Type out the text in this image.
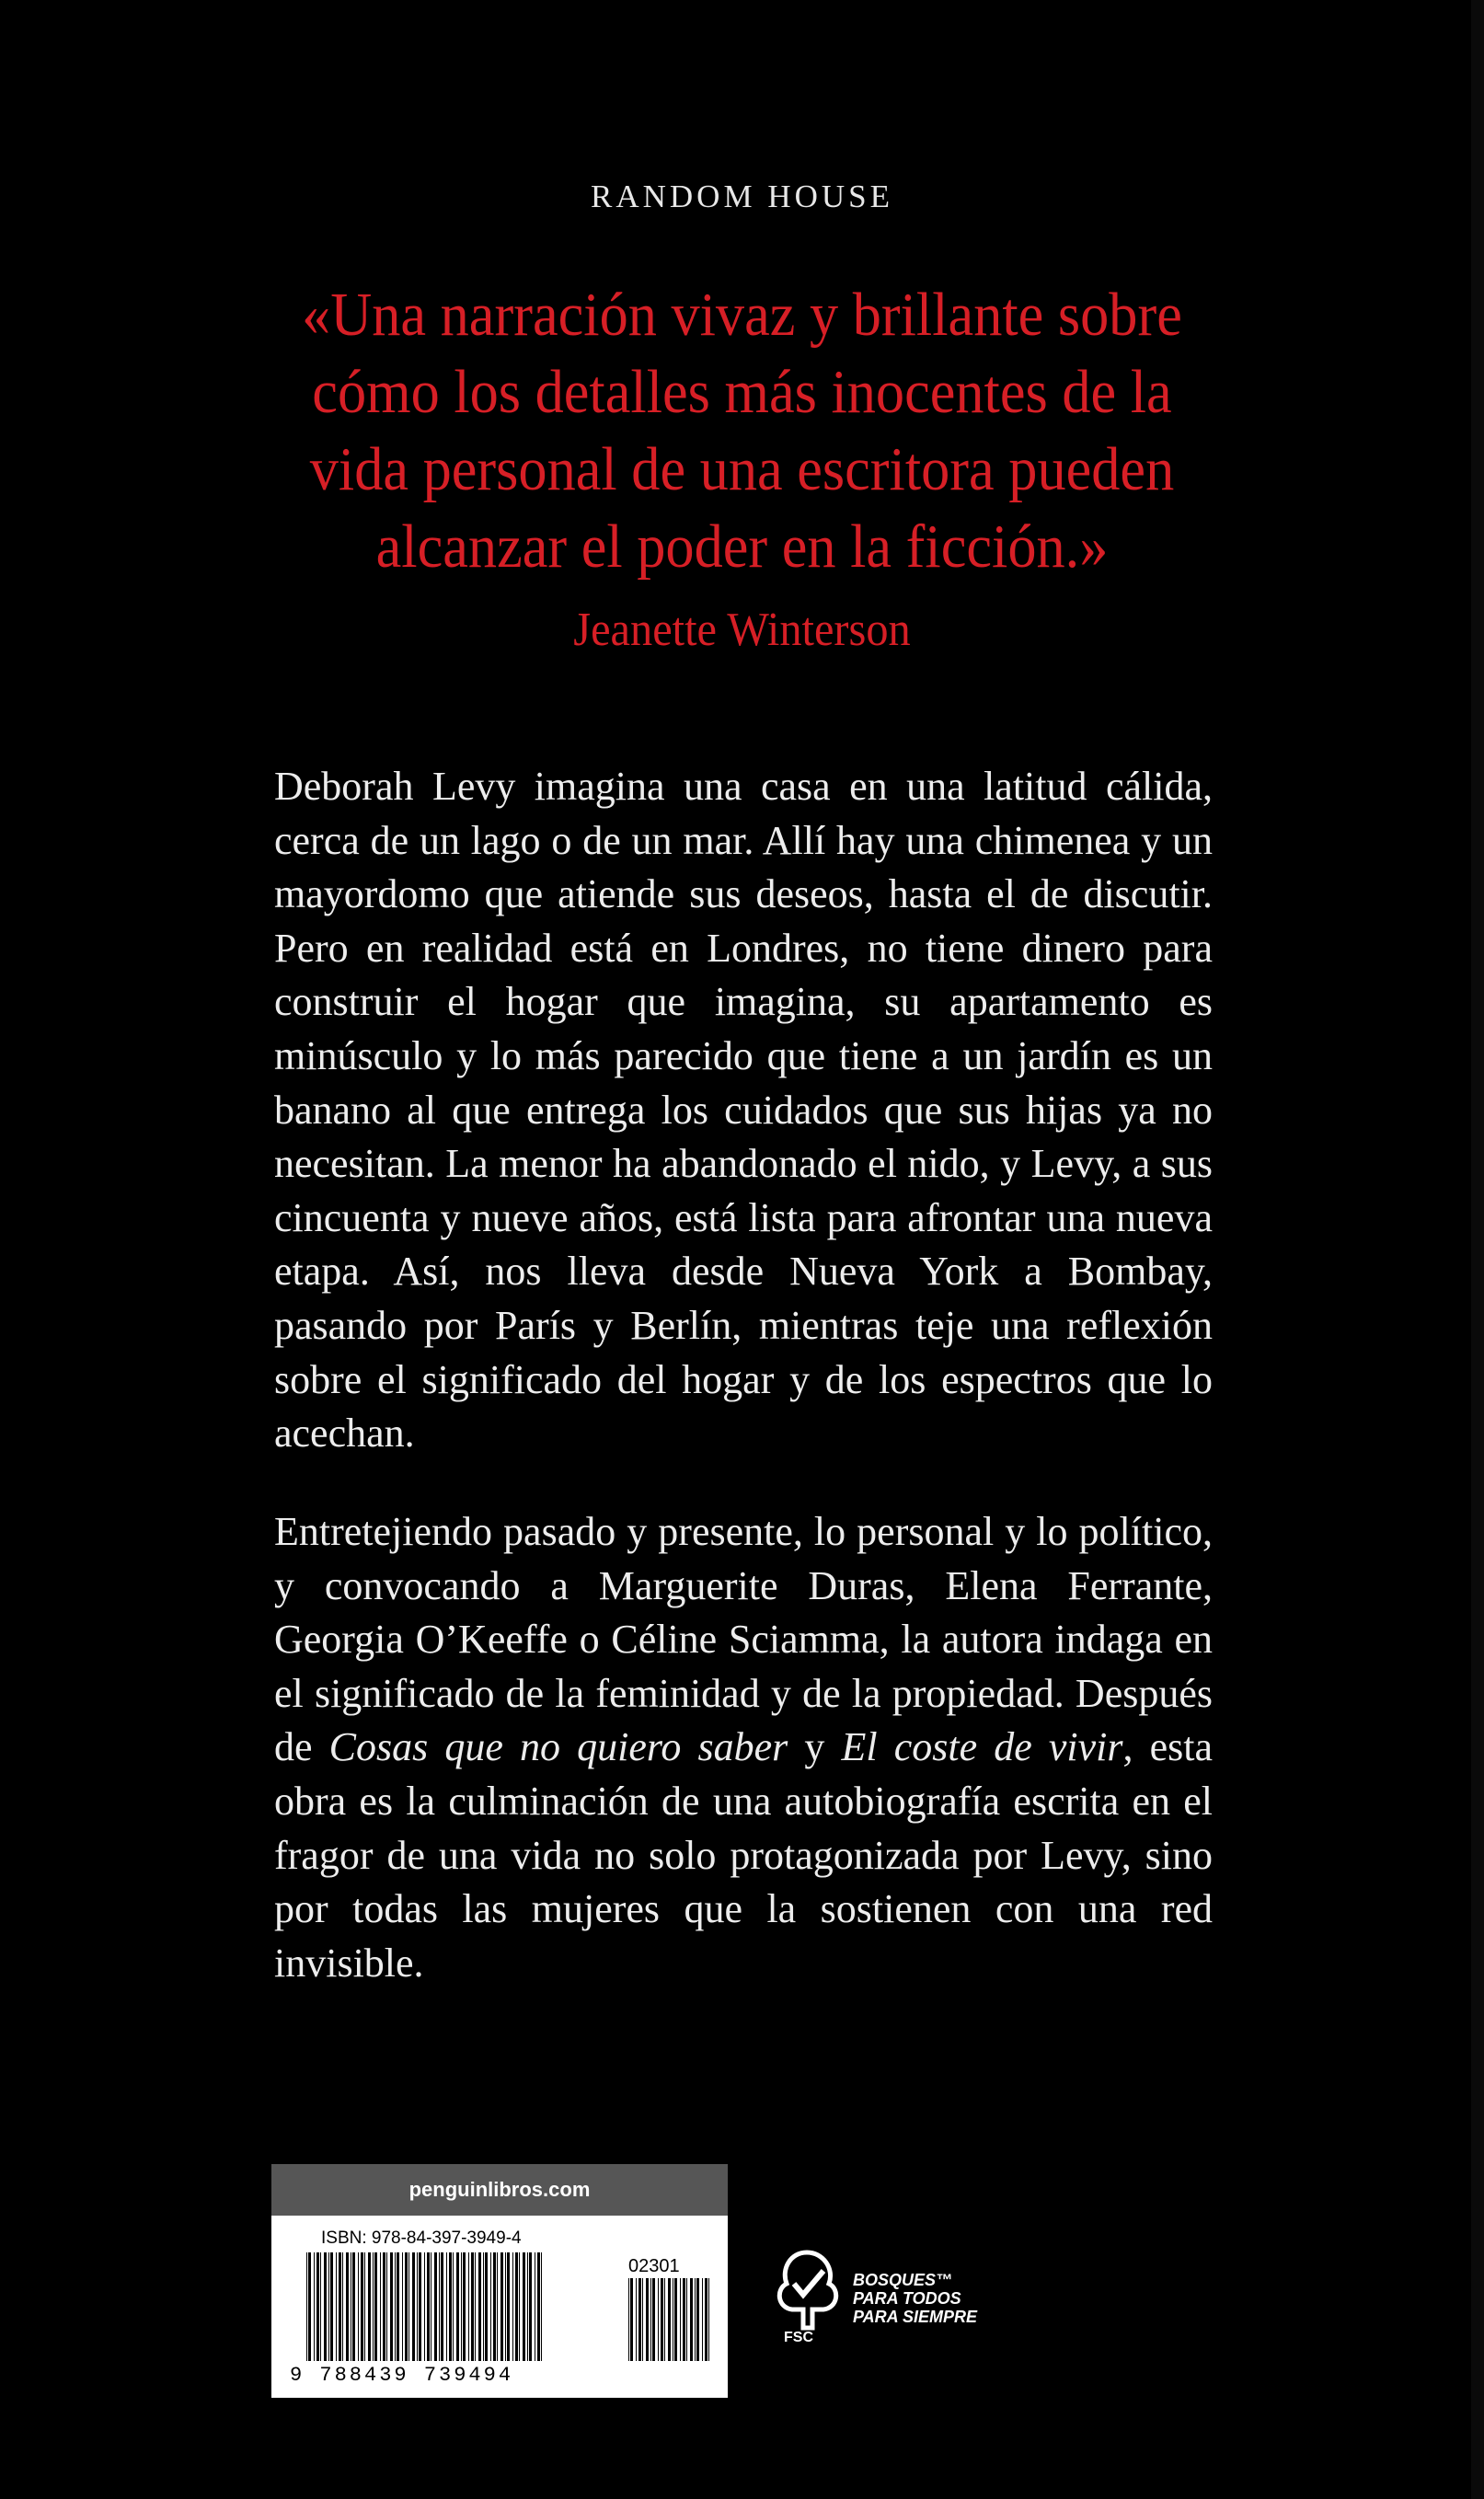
RANDOM HOUSE
«Una narración vivaz y brillante sobre cómo los detalles más inocentes de la vida personal de una escritora pueden alcanzar el poder en la ficción.»
Jeanette Winterson

Deborah Levy imagina una casa en una latitud cálida, cerca de un lago o de un mar. Allí hay una chimenea y un mayordomo que atiende sus deseos, hasta el de discutir. Pero en realidad está en Londres, no tiene dinero para construir el hogar que imagina, su apartamento es minúsculo y lo más parecido que tiene a un jardín es un banano al que entrega los cuidados que sus hijas ya no necesitan. La menor ha abandonado el nido, y Levy, a sus cincuenta y nueve años, está lista para afrontar una nueva etapa. Así, nos lleva desde Nueva York a Bombay, pasando por París y Berlín, mientras teje una reflexión sobre el significado del hogar y de los espectros que lo acechan.

Entretejiendo pasado y presente, lo personal y lo político, y convocando a Marguerite Duras, Elena Ferrante, Georgia O’Keeffe o Céline Sciamma, la autora indaga en el significado de la feminidad y de la propiedad. Después de Cosas que no quiero saber y El coste de vivir, esta obra es la culminación de una autobiografía escrita en el fragor de una vida no solo protagonizada por Levy, sino por todas las mujeres que la sostienen con una red invisible.

penguinlibros.com
ISBN: 978-84-397-3949-4
02301
9 788439 739494
BOSQUES™
PARA TODOS
PARA SIEMPRE
FSC
